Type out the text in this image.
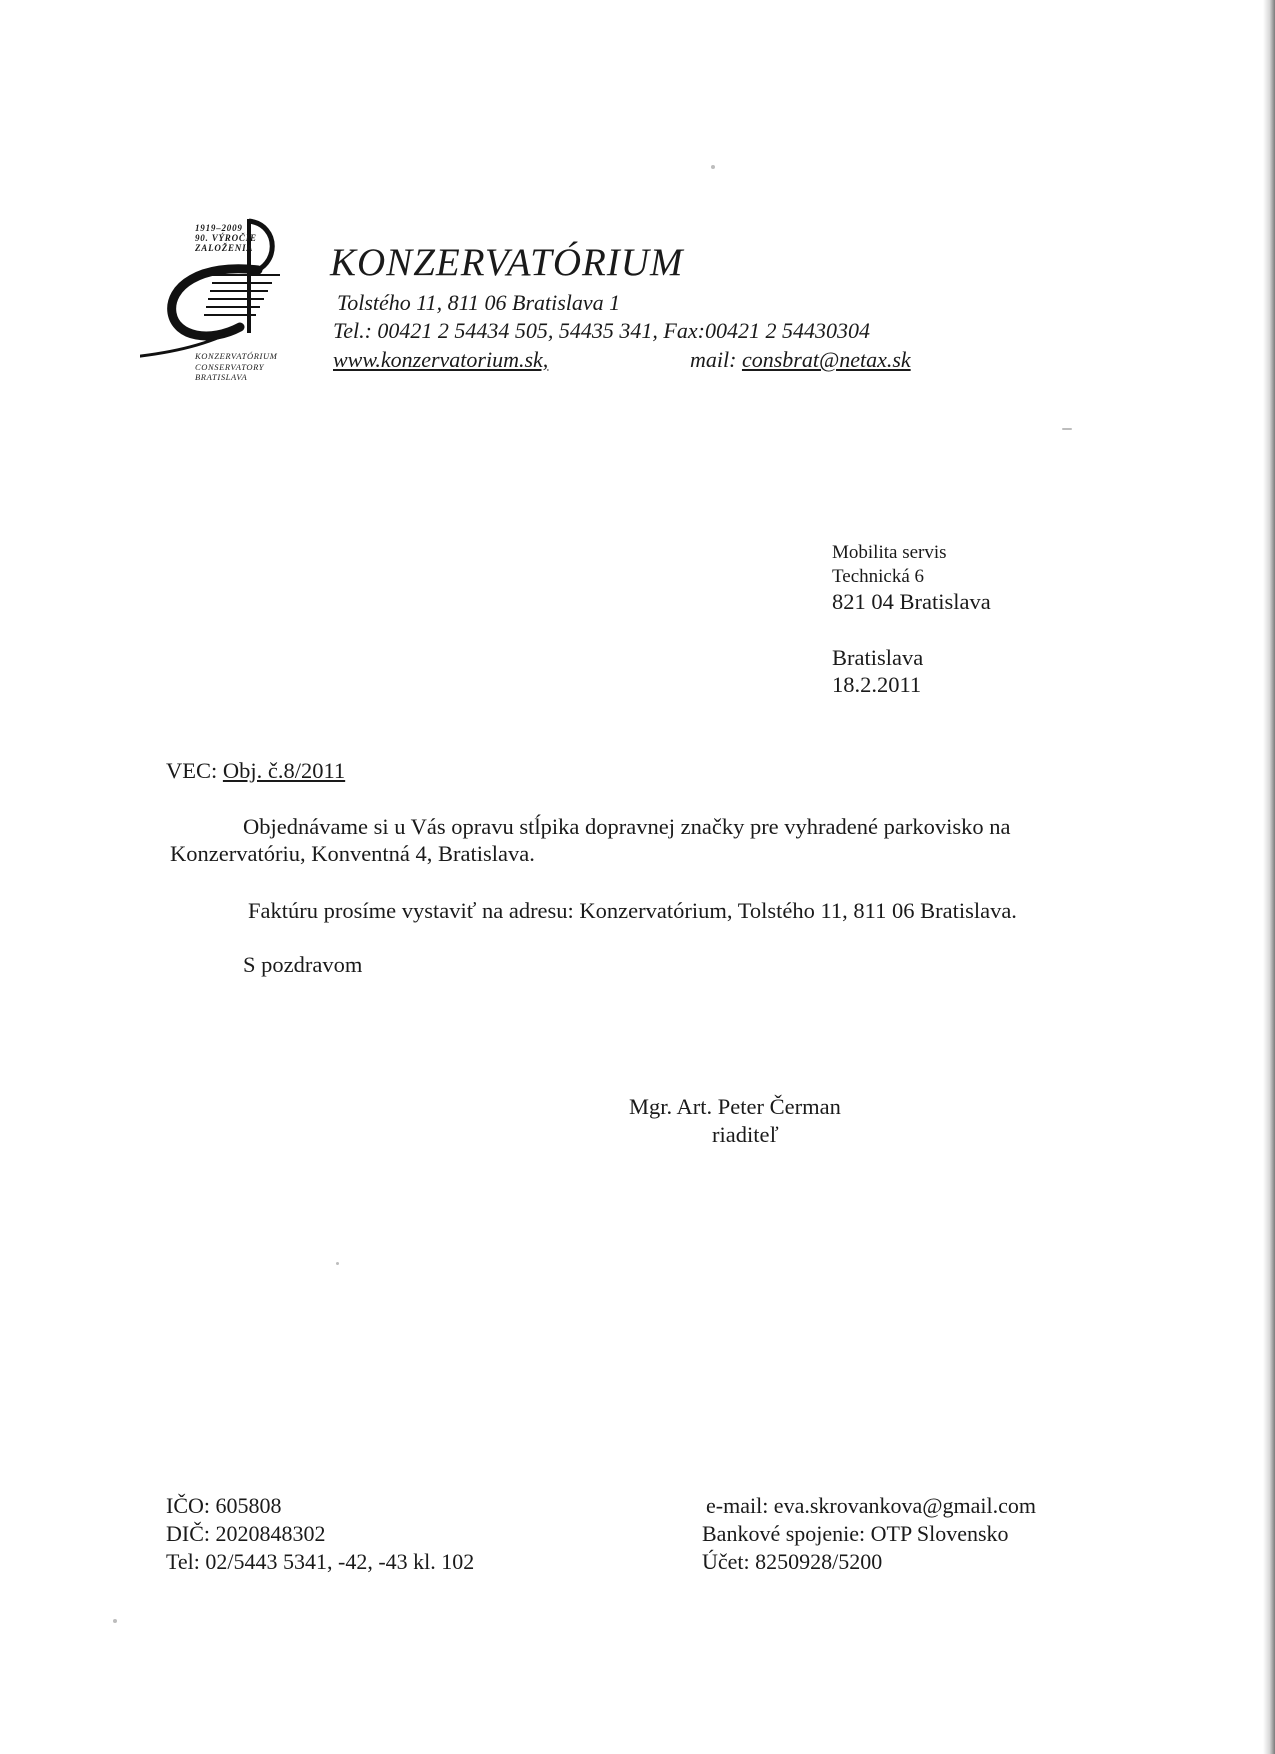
1919–2009
90. VÝROČIE
ZALOŽENIA
KONZERVATÓRIUM
CONSERVATORY
BRATISLAVA
KONZERVATÓRIUM
Tolstého 11, 811 06 Bratislava 1
Tel.: 00421 2 54434 505, 54435 341, Fax:00421 2 54430304
www.konzervatorium.sk,	mail: consbrat@netax.sk
Mobilita servis
Technická 6
821 04 Bratislava
Bratislava
18.2.2011
VEC: Obj. č.8/2011
Objednávame si u Vás opravu stĺpika dopravnej značky pre vyhradené parkovisko na
Konzervatóriu, Konventná 4, Bratislava.
Faktúru prosíme vystaviť na adresu: Konzervatórium, Tolstého 11, 811 06 Bratislava.
S pozdravom
Mgr. Art. Peter Čerman
riaditeľ
IČO: 605808
DIČ: 2020848302
Tel: 02/5443 5341, -42, -43 kl. 102
e-mail: eva.skrovankova@gmail.com
Bankové spojenie: OTP Slovensko
Účet: 8250928/5200
